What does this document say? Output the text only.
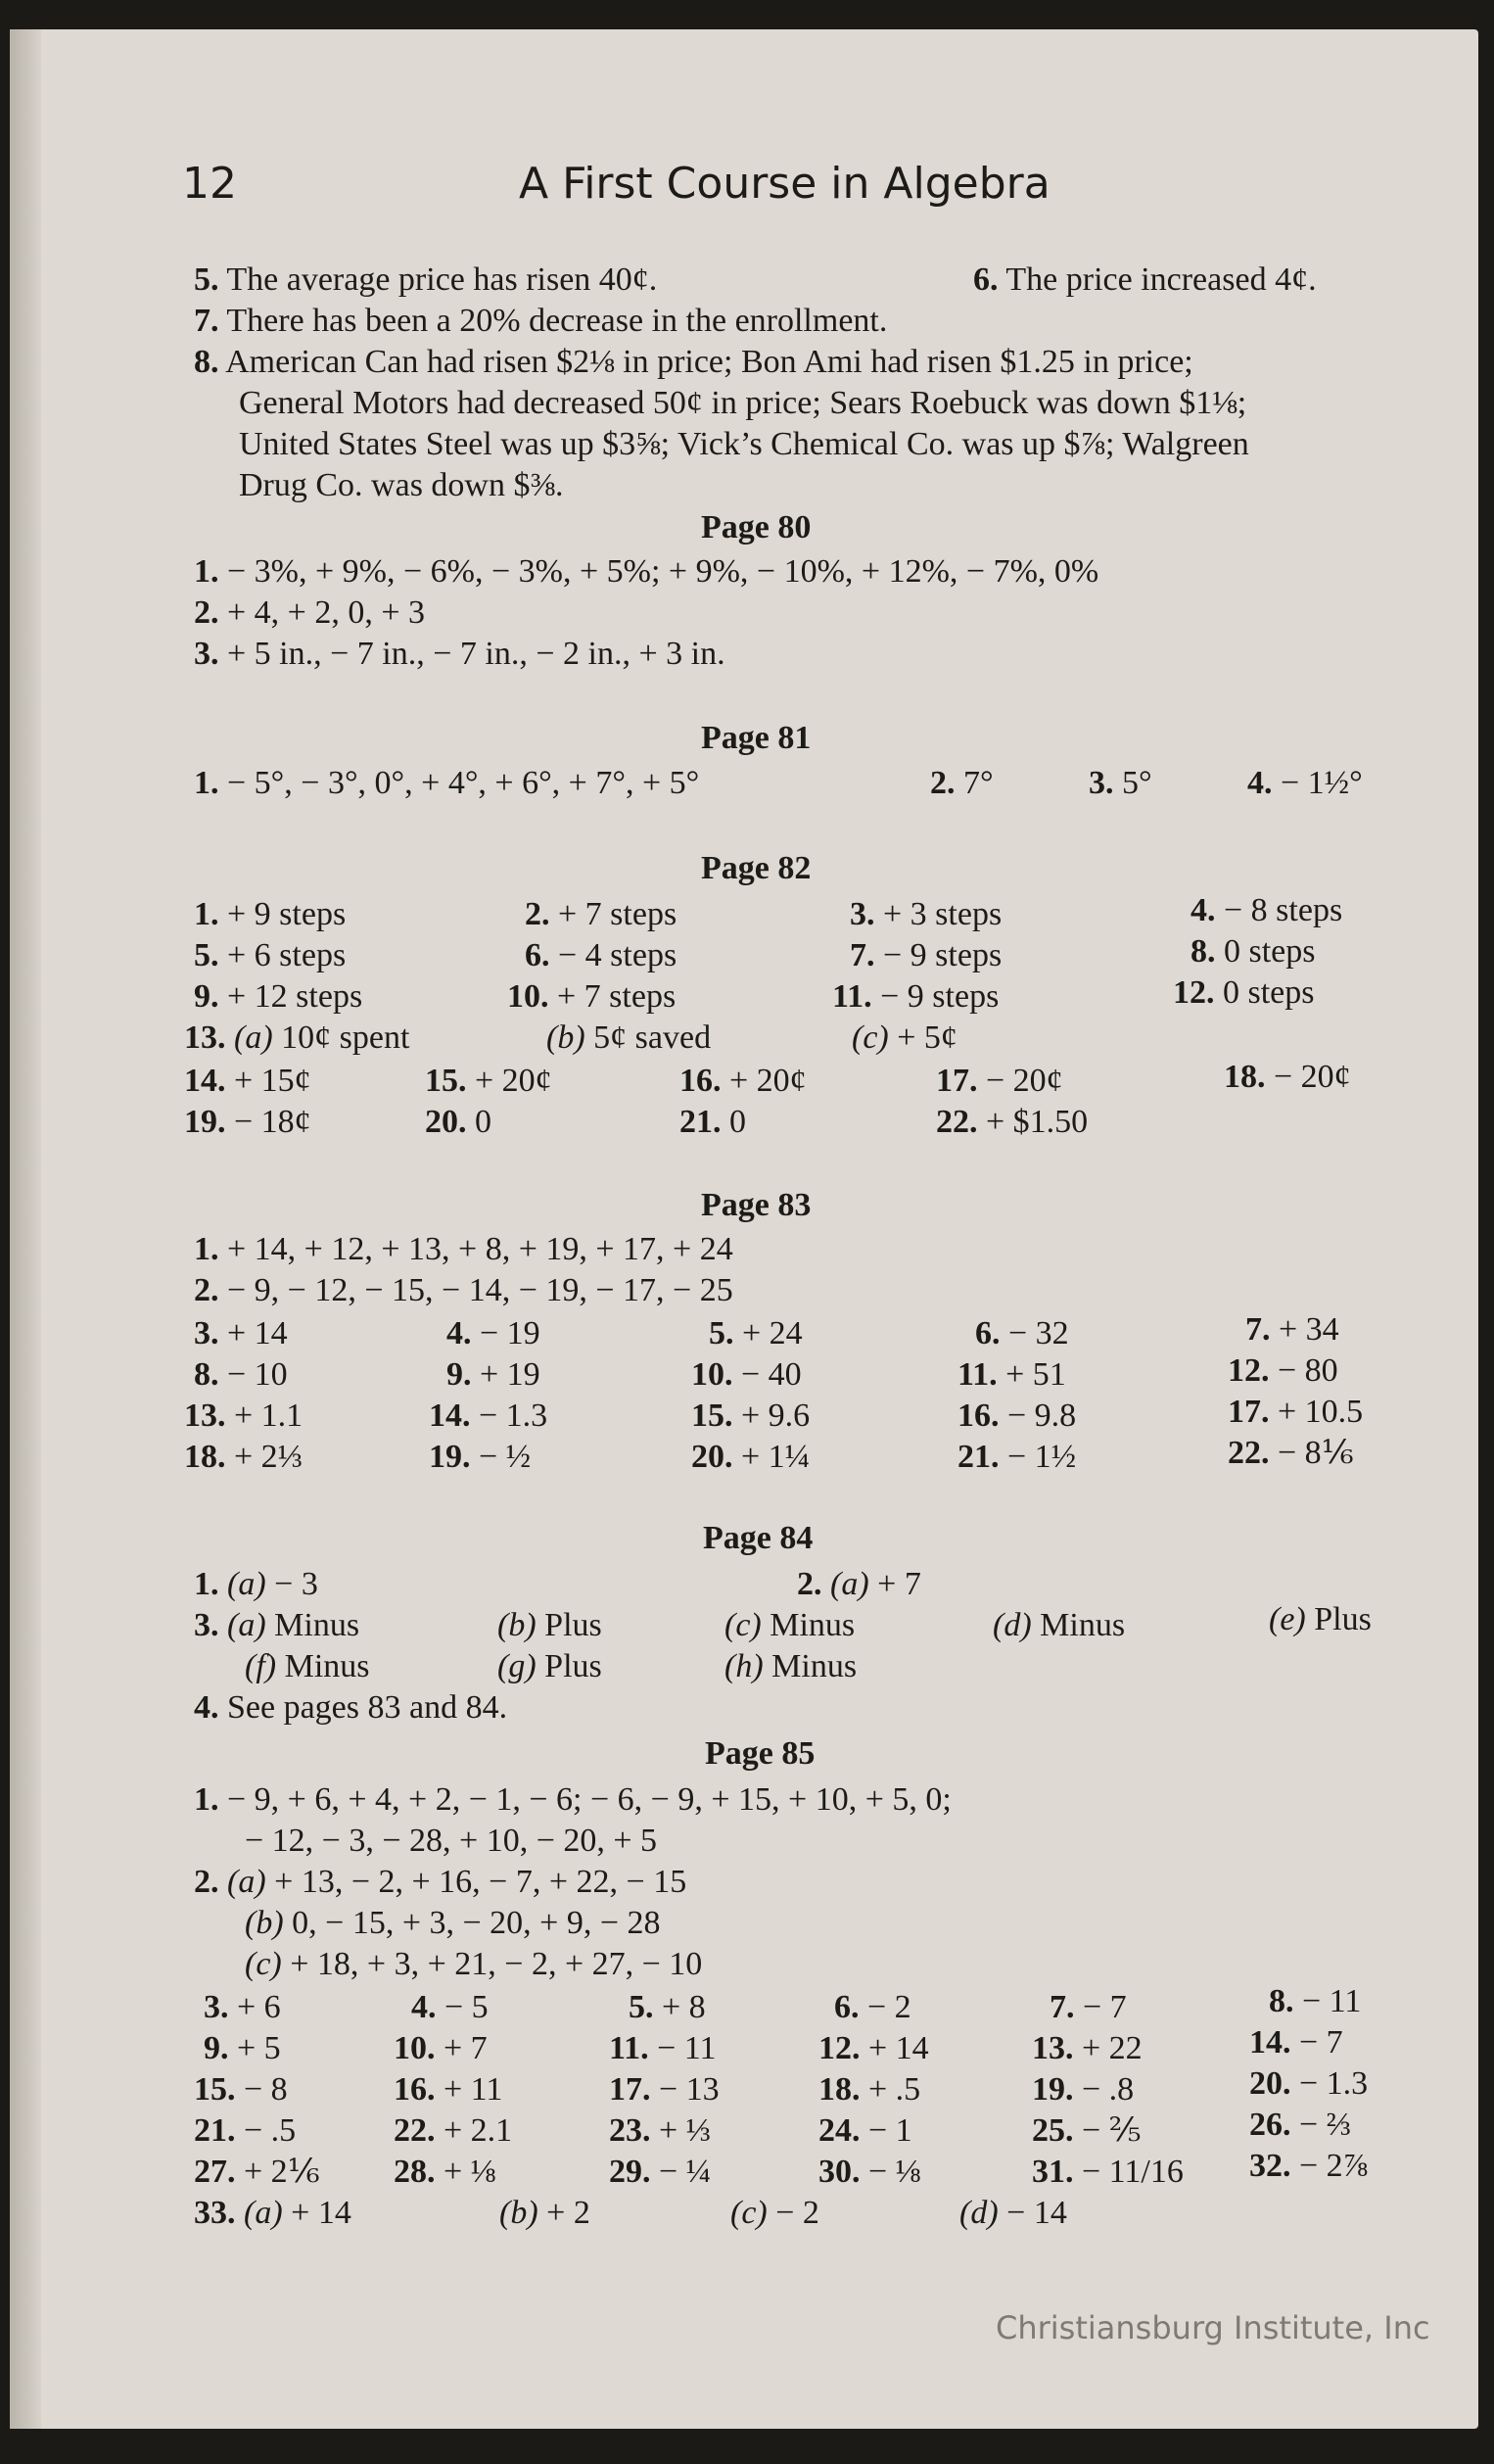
12	A First Course in Algebra
5. The average price has risen 40¢.	6. The price increased 4¢.
7. There has been a 20% decrease in the enrollment.
8. American Can had risen $2⅛ in price; Bon Ami had risen $1.25 in price;
General Motors had decreased 50¢ in price; Sears Roebuck was down $1⅛;
United States Steel was up $3⅝; Vick’s Chemical Co. was up $⅞; Walgreen
Drug Co. was down $⅜.
Page 80
1. − 3%, + 9%, − 6%, − 3%, + 5%; + 9%, − 10%, + 12%, − 7%, 0%
2. + 4, + 2, 0, + 3
3. + 5 in., − 7 in., − 7 in., − 2 in., + 3 in.
Page 81
1. − 5°, − 3°, 0°, + 4°, + 6°, + 7°, + 5°	2. 7°	3. 5°	4. − 1½°
Page 82
1. + 9 steps	2. + 7 steps	3. + 3 steps	4. − 8 steps
5. + 6 steps	6. − 4 steps	7. − 9 steps	8. 0 steps
9. + 12 steps	10. + 7 steps	11. − 9 steps	12. 0 steps
13. (a) 10¢ spent	(b) 5¢ saved	(c) + 5¢
14. + 15¢	15. + 20¢	16. + 20¢	17. − 20¢	18. − 20¢
19. − 18¢	20. 0	21. 0	22. + $1.50
Page 83
1. + 14, + 12, + 13, + 8, + 19, + 17, + 24
2. − 9, − 12, − 15, − 14, − 19, − 17, − 25
3. + 14	4. − 19	5. + 24	6. − 32	7. + 34
8. − 10	9. + 19	10. − 40	11. + 51	12. − 80
13. + 1.1	14. − 1.3	15. + 9.6	16. − 9.8	17. + 10.5
18. + 2⅓	19. − ½	20. + 1¼	21. − 1½	22. − 8⅙
Page 84
1. (a) − 3	2. (a) + 7
3. (a) Minus	(b) Plus	(c) Minus	(d) Minus	(e) Plus
(f) Minus	(g) Plus	(h) Minus
4. See pages 83 and 84.
Page 85
1. − 9, + 6, + 4, + 2, − 1, − 6; − 6, − 9, + 15, + 10, + 5, 0;
− 12, − 3, − 28, + 10, − 20, + 5
2. (a) + 13, − 2, + 16, − 7, + 22, − 15
(b) 0, − 15, + 3, − 20, + 9, − 28
(c) + 18, + 3, + 21, − 2, + 27, − 10
3. + 6	4. − 5	5. + 8	6. − 2	7. − 7	8. − 11
9. + 5	10. + 7	11. − 11	12. + 14	13. + 22	14. − 7
15. − 8	16. + 11	17. − 13	18. + .5	19. − .8	20. − 1.3
21. − .5	22. + 2.1	23. + ⅓	24. − 1	25. − ⅖	26. − ⅔
27. + 2⅙ 28. + ⅛	29. − ¼	30. − ⅛	31. − 11/16 32. − 2⅞
33. (a) + 14	(b) + 2	(c) − 2	(d) − 14
Christiansburg Institute, Inc
